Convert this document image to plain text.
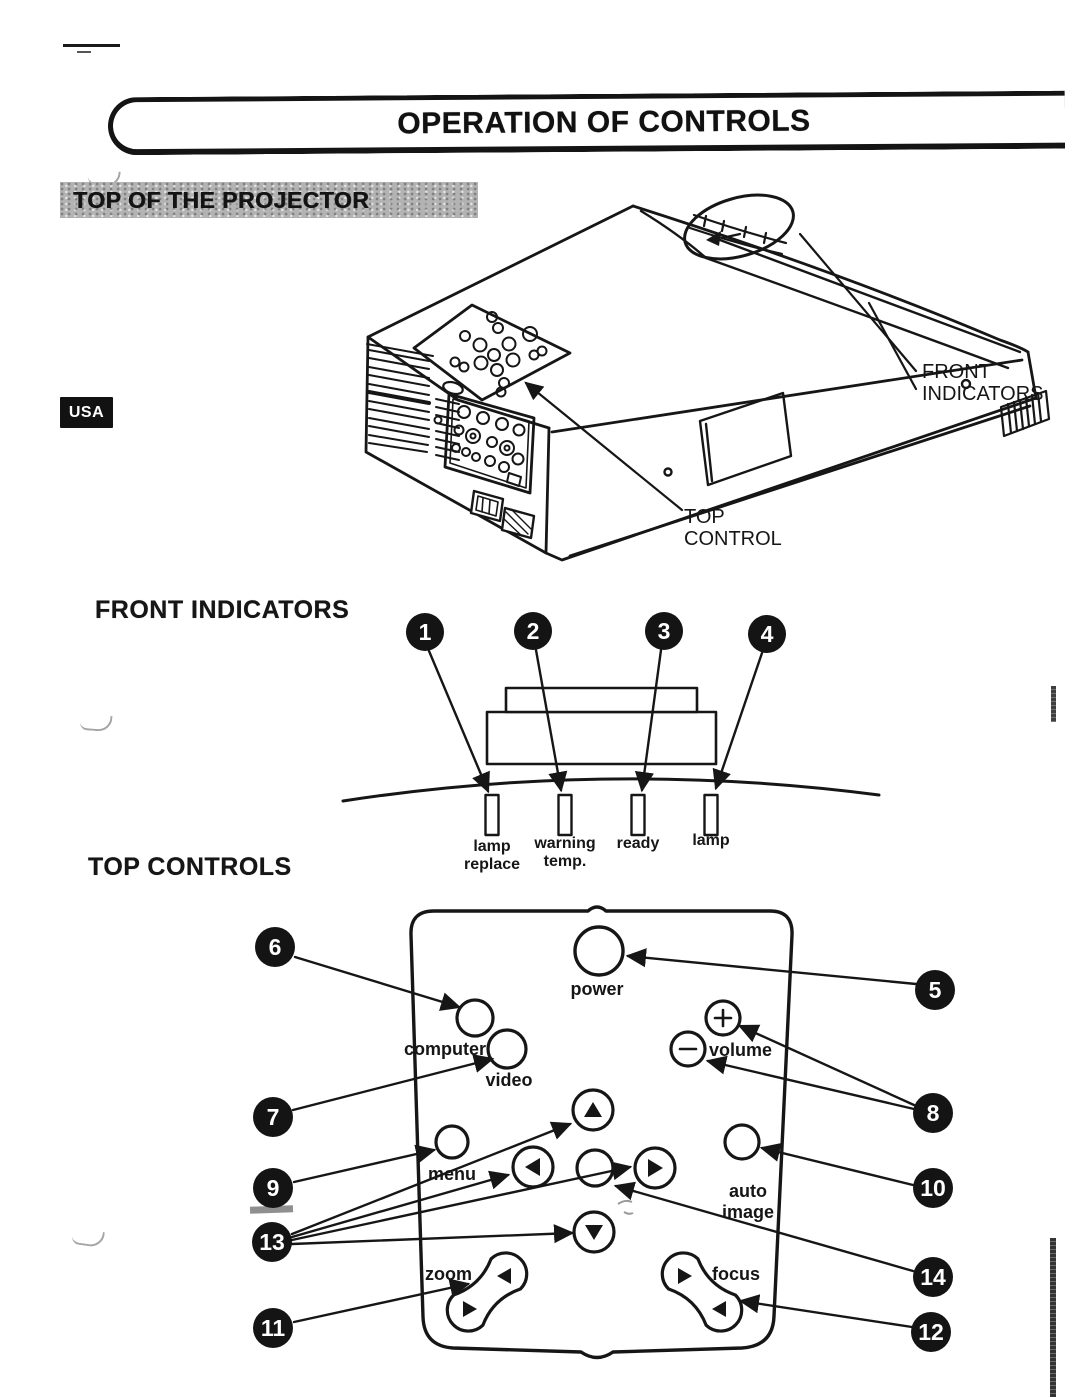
OPERATION OF CONTROLS
TOP OF THE PROJECTOR
USA
FRONT
INDICATORS
TOP
CONTROL
FRONT INDICATORS
1	2	3	4
lamp
replace
warning
temp.
ready lamp
TOP CONTROLS
power
computer
video
volume
menu
auto
image
zoom	focus
5
6
7	8
9	10
13
14
11	12
